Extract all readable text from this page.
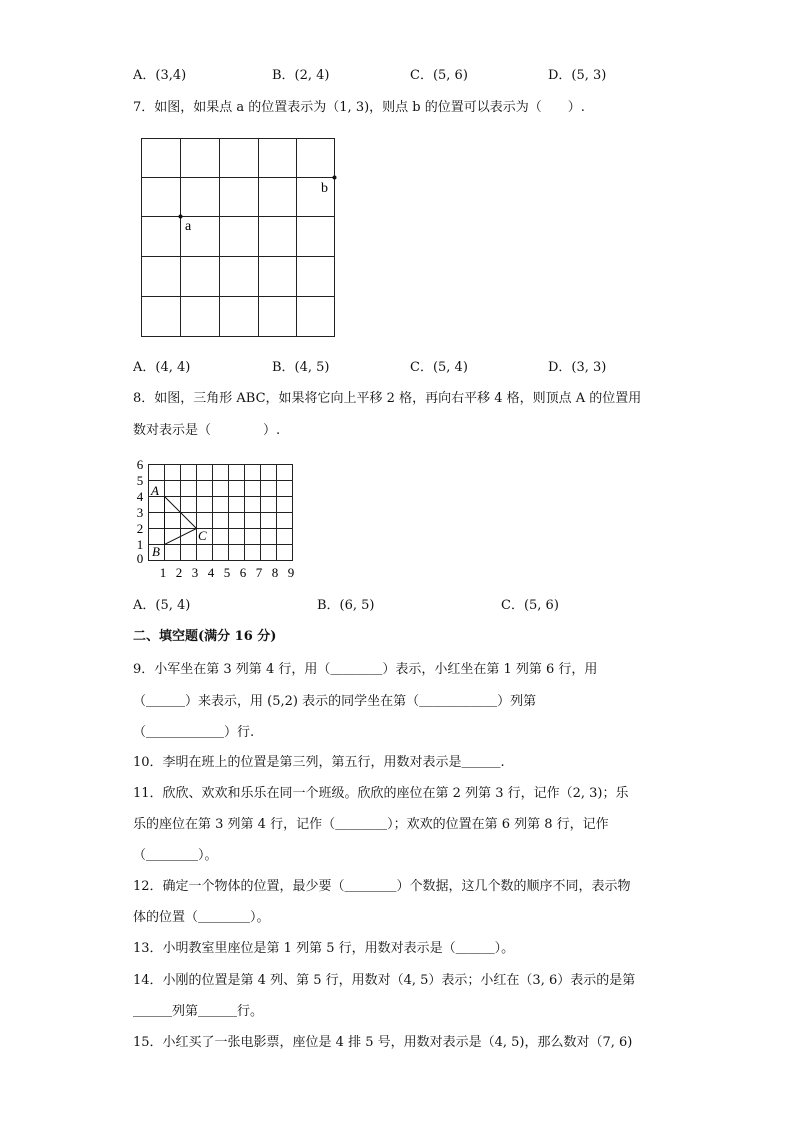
A．(3,4)	B．(2, 4)	C．(5, 6)	D．(5, 3)
7．如图，如果点 a 的位置表示为（1, 3)，则点 b 的位置可以表示为（　　）.
a
b
A．(4, 4)	B．(4, 5)	C．(5, 4)	D．(3, 3)
8．如图，三角形 ABC，如果将它向上平移 2 格，再向右平移 4 格，则顶点 A 的位置用
数对表示是（　　　　）.
6
5
4
3
2
1
0
1 2 3 4 5 6 7 8 9
A
C
B
A．(5, 4)	B．(6, 5)	C．(5, 6)
二、填空题(满分 16 分)
9．小军坐在第 3 列第 4 行，用（＿＿＿＿）表示，小红坐在第 1 列第 6 行，用
（＿＿＿）来表示，用 (5,2) 表示的同学坐在第（＿＿＿＿＿＿）列第
（＿＿＿＿＿＿）行.
10．李明在班上的位置是第三列，第五行，用数对表示是＿＿＿.
11．欣欣、欢欢和乐乐在同一个班级。欣欣的座位在第 2 列第 3 行，记作（2, 3)；乐
乐的座位在第 3 列第 4 行，记作（＿＿＿＿）；欢欢的位置在第 6 列第 8 行，记作
（＿＿＿＿）。
12．确定一个物体的位置，最少要（＿＿＿＿）个数据，这几个数的顺序不同，表示物
体的位置（＿＿＿＿）。
13．小明教室里座位是第 1 列第 5 行，用数对表示是（＿＿＿）。
14．小刚的位置是第 4 列、第 5 行，用数对（4, 5）表示；小红在（3, 6）表示的是第
＿＿＿列第＿＿＿行。
15．小红买了一张电影票，座位是 4 排 5 号，用数对表示是（4, 5)，那么数对（7, 6)
